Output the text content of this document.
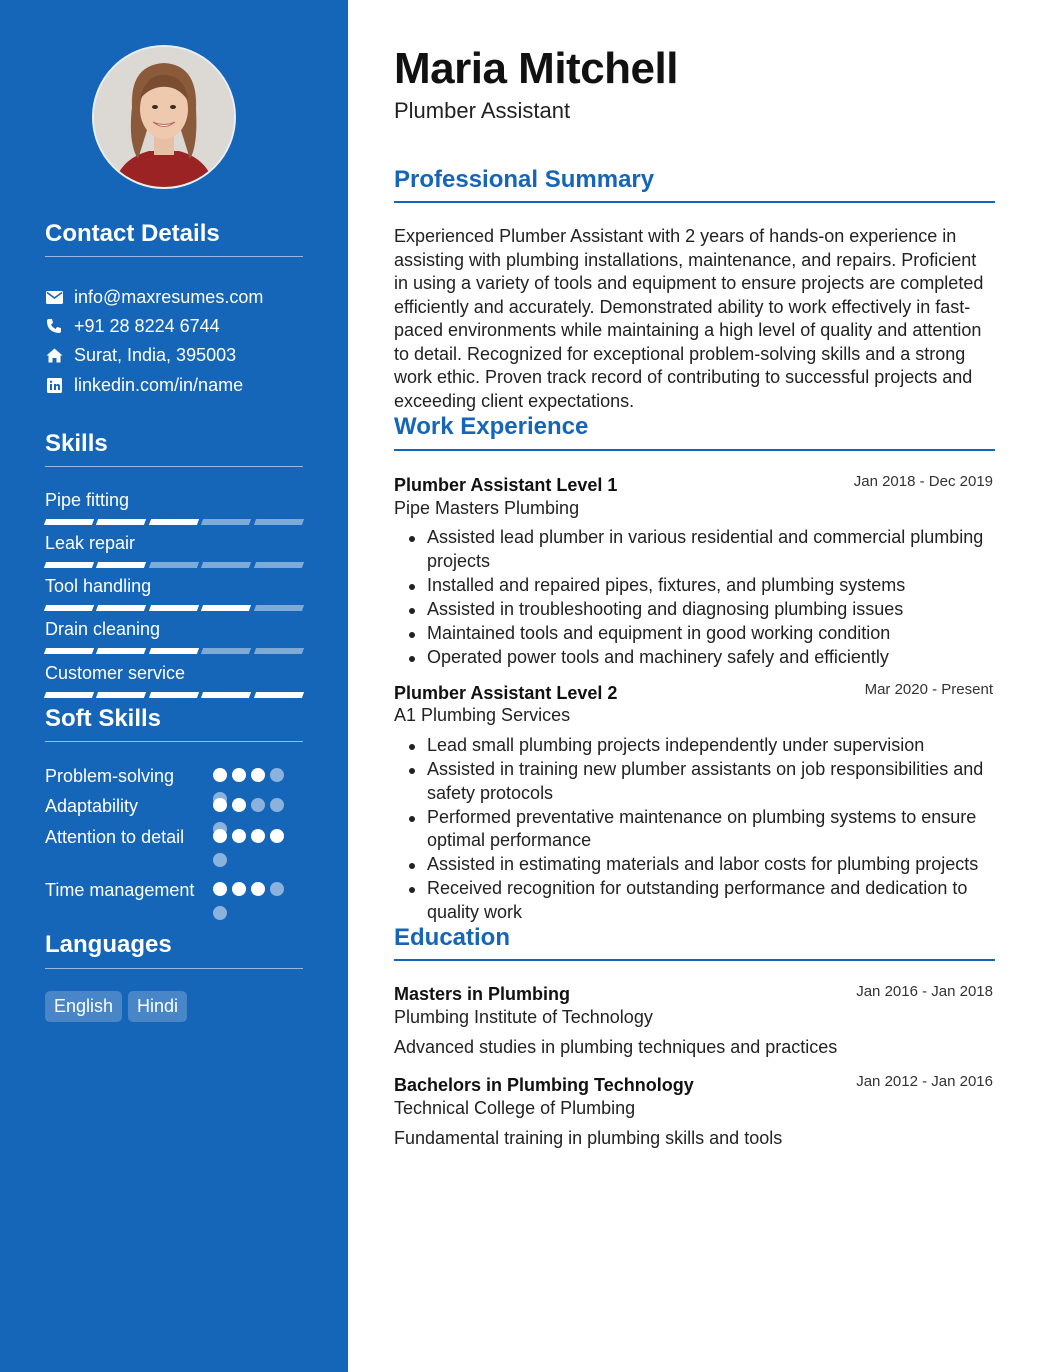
Contact Details
info@maxresumes.com
+91 28 8224 6744
Surat, India, 395003
linkedin.com/in/name
Skills
Pipe fitting
Leak repair
Tool handling
Drain cleaning
Customer service
Soft Skills
Problem-solving
Adaptability
Attention to detail
Time management
Languages
English	Hindi
Maria Mitchell
Plumber Assistant
Professional Summary
Experienced Plumber Assistant with 2 years of hands-on experience in assisting with plumbing installations, maintenance, and repairs. Proficient in using a variety of tools and equipment to ensure projects are completed efficiently and accurately. Demonstrated ability to work effectively in fast-paced environments while maintaining a high level of quality and attention to detail. Recognized for exceptional problem-solving skills and a strong work ethic. Proven track record of contributing to successful projects and exceeding client expectations.
Work Experience
Plumber Assistant Level 1	Jan 2018 - Dec 2019
Pipe Masters Plumbing
Assisted lead plumber in various residential and commercial plumbing projects
Installed and repaired pipes, fixtures, and plumbing systems
Assisted in troubleshooting and diagnosing plumbing issues
Maintained tools and equipment in good working condition
Operated power tools and machinery safely and efficiently
Plumber Assistant Level 2	Mar 2020 - Present
A1 Plumbing Services
Lead small plumbing projects independently under supervision
Assisted in training new plumber assistants on job responsibilities and safety protocols
Performed preventative maintenance on plumbing systems to ensure optimal performance
Assisted in estimating materials and labor costs for plumbing projects
Received recognition for outstanding performance and dedication to quality work
Education
Masters in Plumbing	Jan 2016 - Jan 2018
Plumbing Institute of Technology
Advanced studies in plumbing techniques and practices
Bachelors in Plumbing Technology	Jan 2012 - Jan 2016
Technical College of Plumbing
Fundamental training in plumbing skills and tools
